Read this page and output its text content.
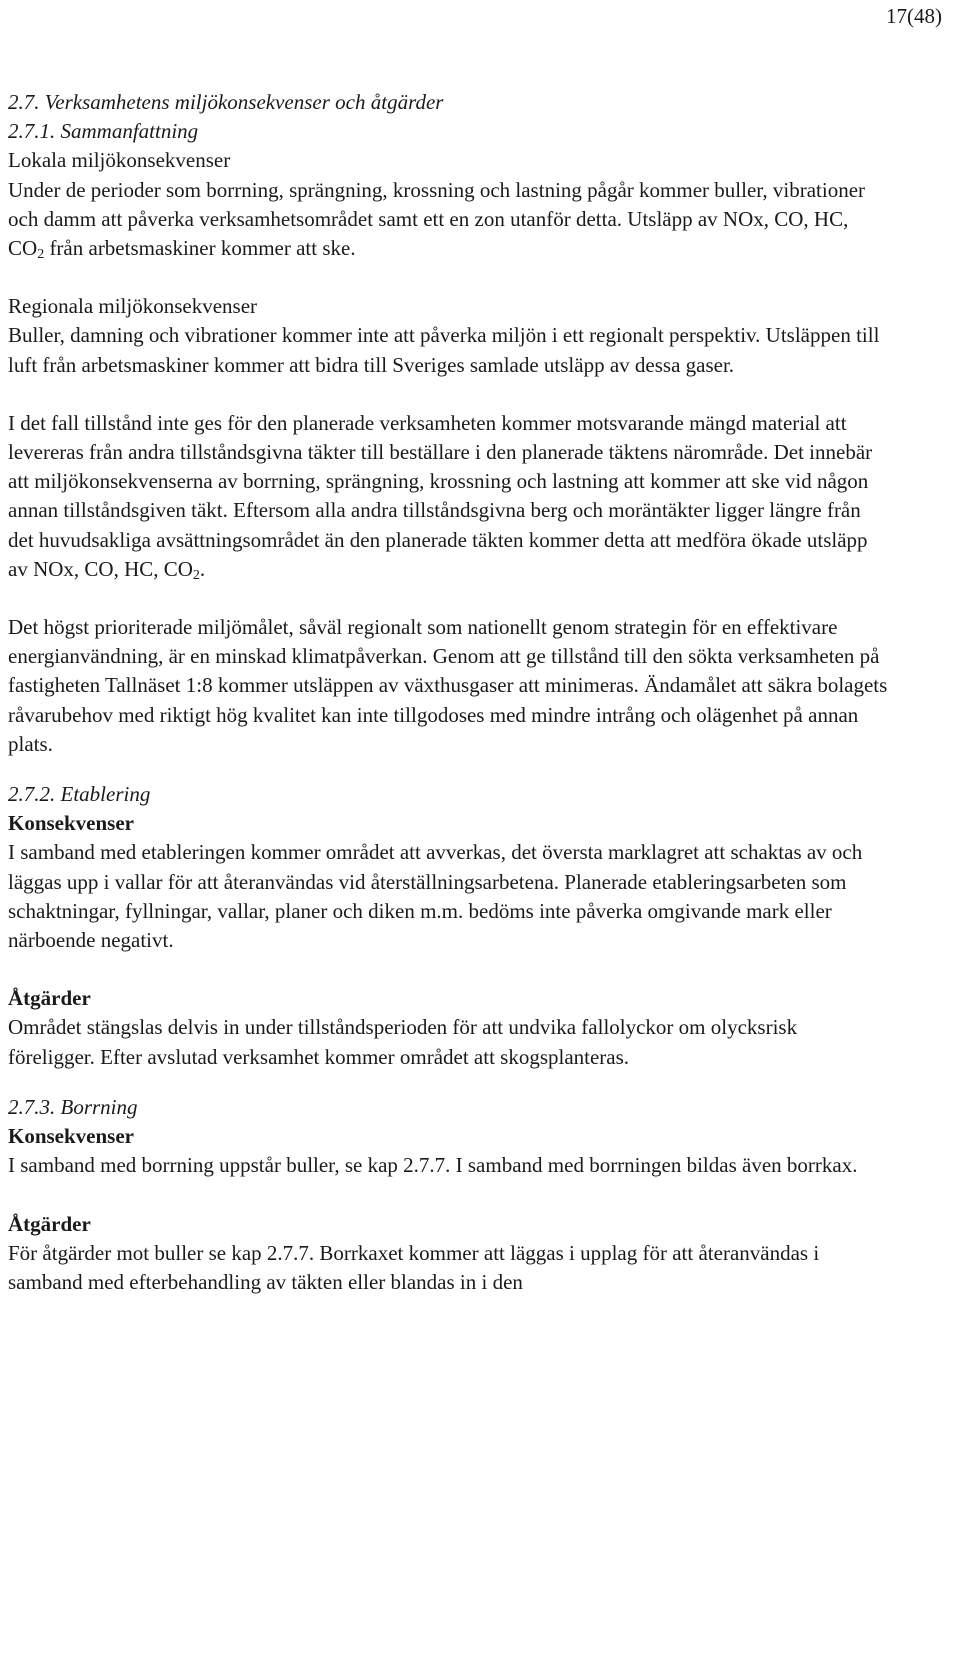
17(48)

2.7. Verksamhetens miljökonsekvenser och åtgärder

2.7.1. Sammanfattning

Lokala miljökonsekvenser

Under de perioder som borrning, sprängning, krossning och lastning pågår kommer buller, vibrationer och damm att påverka verksamhetsområdet samt ett en zon utanför detta. Utsläpp av NOx, CO, HC, $CO_2$ från arbetsmaskiner kommer att ske.

Regionala miljökonsekvenser

Buller, damning och vibrationer kommer inte att påverka miljön i ett regionalt perspektiv. Utsläppen till luft från arbetsmaskiner kommer att bidra till Sveriges samlade utsläpp av dessa gaser.

I det fall tillstånd inte ges för den planerade verksamheten kommer motsvarande mängd material att levereras från andra tillståndsgivna täkter till beställare i den planerade täktens närområde. Det innebär att miljökonsekvenserna av borrning, sprängning, krossning och lastning att kommer att ske vid någon annan tillståndsgiven täkt. Eftersom alla andra tillståndsgivna berg och moräntäkter ligger längre från det huvudsakliga avsättningsområdet än den planerade täkten kommer detta att medföra ökade utsläpp av NOx, CO, HC, $CO_2$.

Det högst prioriterade miljömålet, såväl regionalt som nationellt genom strategin för en effektivare energianvändning, är en minskad klimatpåverkan. Genom att ge tillstånd till den sökta verksamheten på fastigheten Tallnäset 1:8 kommer utsläppen av växthusgaser att minimeras. Ändamålet att säkra bolagets råvarubehov med riktigt hög kvalitet kan inte tillgodoses med mindre intrång och olägenhet på annan plats.

2.7.2. Etablering

Konsekvenser

I samband med etableringen kommer området att avverkas, det översta marklagret att schaktas av och läggas upp i vallar för att återanvändas vid återställningsarbetena. Planerade etableringsarbeten som schaktningar, fyllningar, vallar, planer och diken m.m. bedöms inte påverka omgivande mark eller närboende negativt.

Åtgärder

Området stängslas delvis in under tillståndsperioden för att undvika fallolyckor om olycksrisk föreligger. Efter avslutad verksamhet kommer området att skogsplanteras.

2.7.3. Borrning

Konsekvenser

I samband med borrning uppstår buller, se kap 2.7.7. I samband med borrningen bildas även borrkax.

Åtgärder

För åtgärder mot buller se kap 2.7.7. Borrkaxet kommer att läggas i upplag för att återanvändas i samband med efterbehandling av täkten eller blandas in i den
